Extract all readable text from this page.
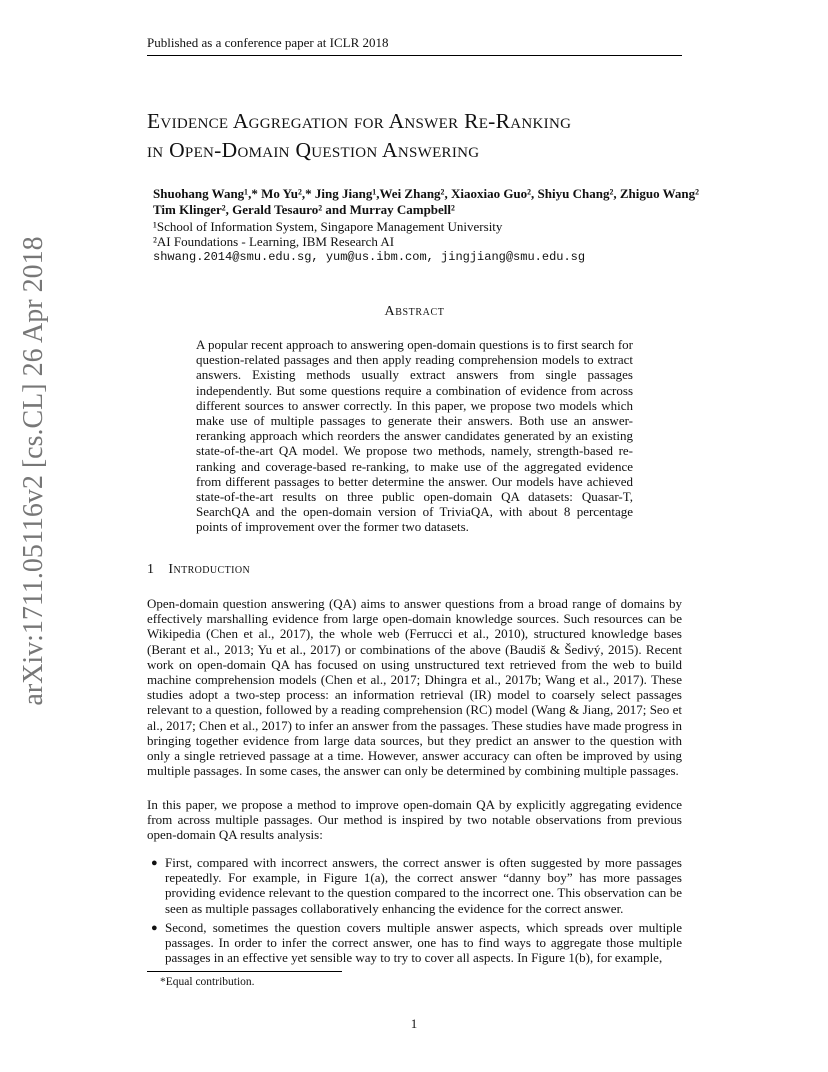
Published as a conference paper at ICLR 2018
Evidence Aggregation for Answer Re-Ranking
in Open-Domain Question Answering
Shuohang Wang¹,* Mo Yu²,* Jing Jiang¹,Wei Zhang², Xiaoxiao Guo², Shiyu Chang², Zhiguo Wang²
Tim Klinger², Gerald Tesauro² and Murray Campbell²
¹School of Information System, Singapore Management University
²AI Foundations - Learning, IBM Research AI
shwang.2014@smu.edu.sg, yum@us.ibm.com, jingjiang@smu.edu.sg
arXiv:1711.05116v2 [cs.CL] 26 Apr 2018	Abstract
A popular recent approach to answering open-domain questions is to first search for question-related passages and then apply reading comprehension models to extract answers. Existing methods usually extract answers from single passages independently. But some questions require a combination of evidence from across different sources to answer correctly. In this paper, we propose two models which make use of multiple passages to generate their answers. Both use an answer-reranking approach which reorders the answer candidates generated by an existing state-of-the-art QA model. We propose two methods, namely, strength-based re-ranking and coverage-based re-ranking, to make use of the aggregated evidence from different passages to better determine the answer. Our models have achieved state-of-the-art results on three public open-domain QA datasets: Quasar-T, SearchQA and the open-domain version of TriviaQA, with about 8 percentage points of improvement over the former two datasets.
1 Introduction
Open-domain question answering (QA) aims to answer questions from a broad range of domains by effectively marshalling evidence from large open-domain knowledge sources. Such resources can be Wikipedia (Chen et al., 2017), the whole web (Ferrucci et al., 2010), structured knowledge bases (Berant et al., 2013; Yu et al., 2017) or combinations of the above (Baudiš & Šedivý, 2015). Recent work on open-domain QA has focused on using unstructured text retrieved from the web to build machine comprehension models (Chen et al., 2017; Dhingra et al., 2017b; Wang et al., 2017). These studies adopt a two-step process: an information retrieval (IR) model to coarsely select passages relevant to a question, followed by a reading comprehension (RC) model (Wang & Jiang, 2017; Seo et al., 2017; Chen et al., 2017) to infer an answer from the passages. These studies have made progress in bringing together evidence from large data sources, but they predict an answer to the question with only a single retrieved passage at a time. However, answer accuracy can often be improved by using multiple passages. In some cases, the answer can only be determined by combining multiple passages.
In this paper, we propose a method to improve open-domain QA by explicitly aggregating evidence from across multiple passages. Our method is inspired by two notable observations from previous open-domain QA results analysis:
● First, compared with incorrect answers, the correct answer is often suggested by more passages repeatedly. For example, in Figure 1(a), the correct answer “danny boy” has more passages providing evidence relevant to the question compared to the incorrect one. This observation can be seen as multiple passages collaboratively enhancing the evidence for the correct answer.
● Second, sometimes the question covers multiple answer aspects, which spreads over multiple passages. In order to infer the correct answer, one has to find ways to aggregate those multiple passages in an effective yet sensible way to try to cover all aspects. In Figure 1(b), for example,
*Equal contribution.
1
